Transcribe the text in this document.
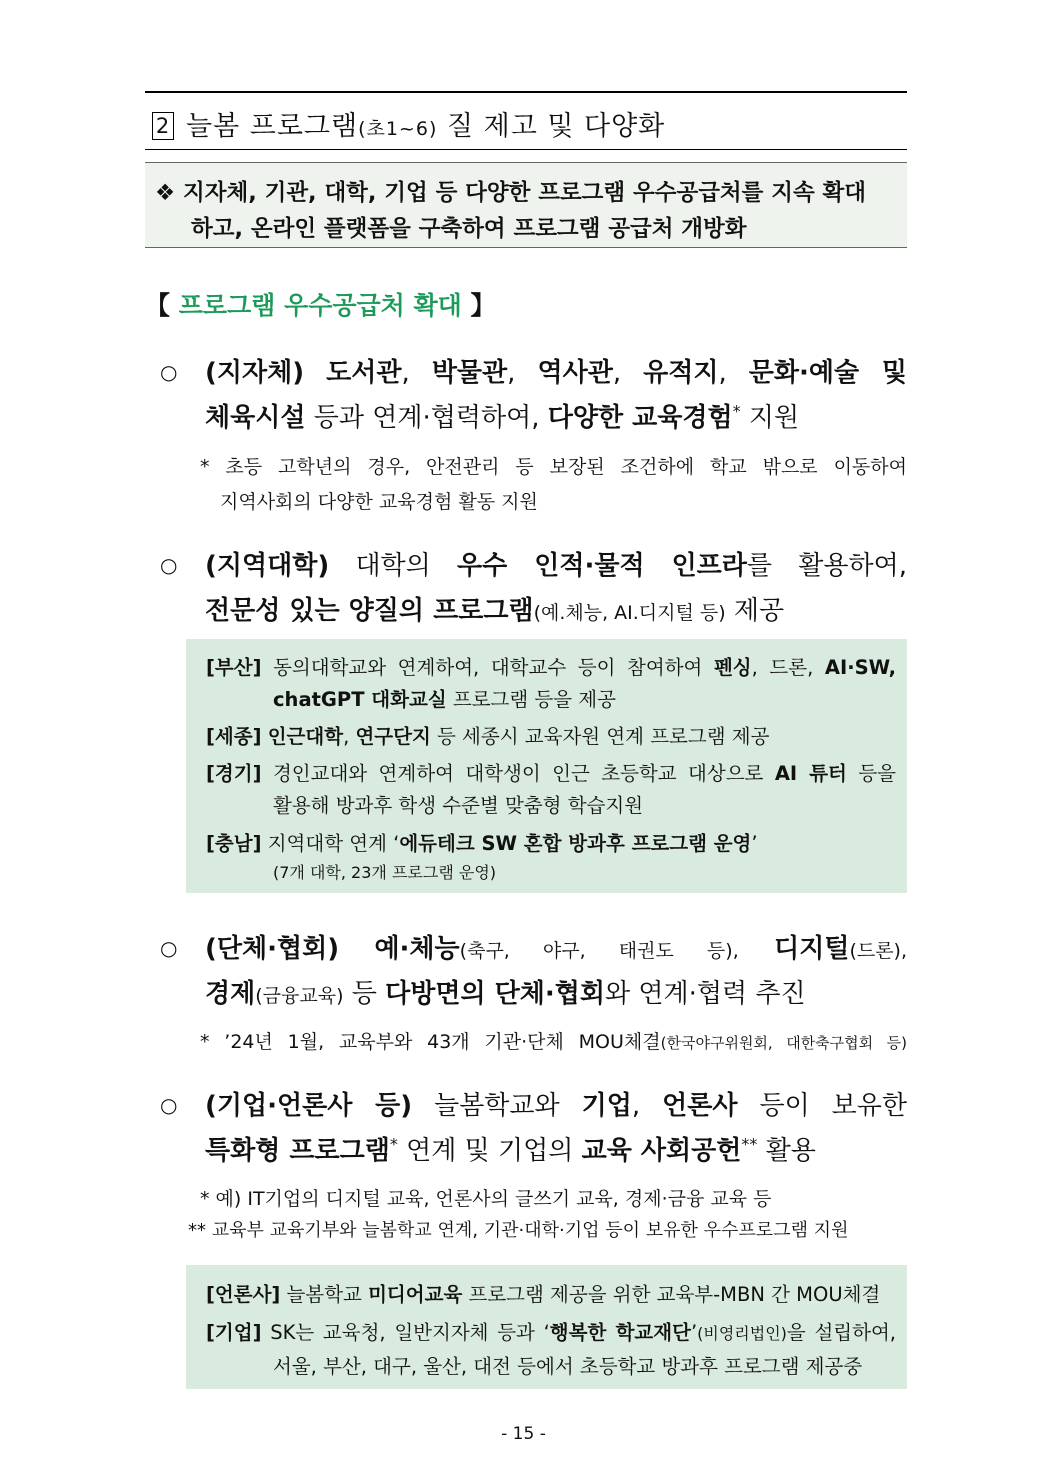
2 늘봄 프로그램(초1~6) 질 제고 및 다양화
❖ 지자체, 기관, 대학, 기업 등 다양한 프로그램 우수공급처를 지속 확대
하고, 온라인 플랫폼을 구축하여 프로그램 공급처 개방화
【 프로그램 우수공급처 확대 】
○ (지자체) 도서관, 박물관, 역사관, 유적지, 문화·예술 및
체육시설 등과 연계·협력하여, 다양한 교육경험* 지원
* 초등 고학년의 경우, 안전관리 등 보장된 조건하에 학교 밖으로 이동하여
지역사회의 다양한 교육경험 활동 지원
○ (지역대학) 대학의 우수 인적·물적 인프라를 활용하여,
전문성 있는 양질의 프로그램(예.체능, AI.디지털 등) 제공
[부산] 동의대학교와 연계하여, 대학교수 등이 참여하여 펜싱, 드론, AI·SW,
chatGPT 대화교실 프로그램 등을 제공
[세종] 인근대학, 연구단지 등 세종시 교육자원 연계 프로그램 제공
[경기] 경인교대와 연계하여 대학생이 인근 초등학교 대상으로 AI 튜터 등을
활용해 방과후 학생 수준별 맞춤형 학습지원
[충남] 지역대학 연계 ‘에듀테크 SW 혼합 방과후 프로그램 운영’
(7개 대학, 23개 프로그램 운영)
○ (단체·협회) 예·체능(축구, 야구, 태권도 등), 디지털(드론),
경제(금융교육) 등 다방면의 단체·협회와 연계·협력 추진
* ’24년 1월, 교육부와 43개 기관·단체 MOU체결(한국야구위원회, 대한축구협회 등)
○ (기업·언론사 등) 늘봄학교와 기업, 언론사 등이 보유한
특화형 프로그램* 연계 및 기업의 교육 사회공헌** 활용
* 예) IT기업의 디지털 교육, 언론사의 글쓰기 교육, 경제·금융 교육 등
** 교육부 교육기부와 늘봄학교 연계, 기관·대학·기업 등이 보유한 우수프로그램 지원
[언론사] 늘봄학교 미디어교육 프로그램 제공을 위한 교육부-MBN 간 MOU체결
[기업] SK는 교육청, 일반지자체 등과 ‘행복한 학교재단’(비영리법인)을 설립하여,
서울, 부산, 대구, 울산, 대전 등에서 초등학교 방과후 프로그램 제공중
- 15 -
